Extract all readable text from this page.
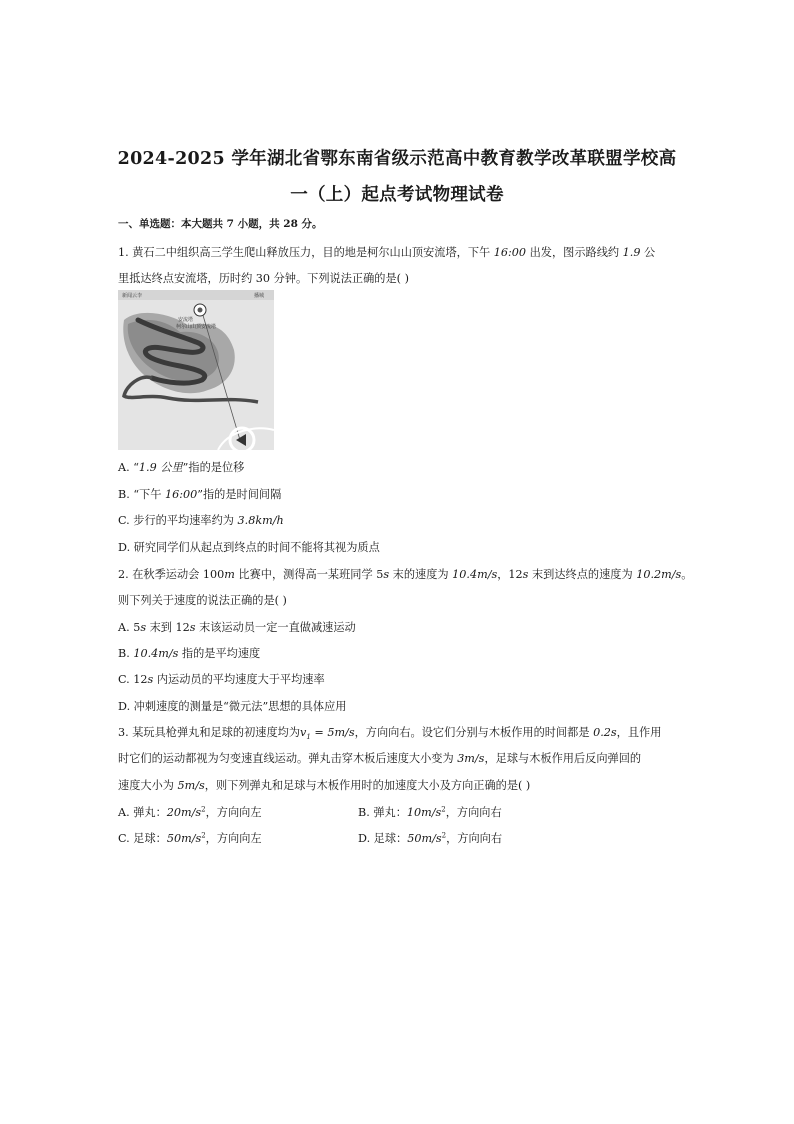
2024-2025 学年湖北省鄂东南省级示范高中教育教学改革联盟学校高
一（上）起点考试物理试卷
一、单选题：本大题共 7 小题，共 28 分。
1. 黄石二中组织高三学生爬山释放压力，目的地是柯尔山山顶安流塔，下午 16:00 出发，图示路线约 1.9 公
里抵达终点安流塔，历时约 30 分钟。下列说法正确的是( )
新闻云李	播城
安流塔
柯尔山山顶安流塔
A. “1.9 公里”指的是位移
B. “下午 16:00”指的是时间间隔
C. 步行的平均速率约为 3.8km/h
D. 研究同学们从起点到终点的时间不能将其视为质点
2. 在秋季运动会 100m 比赛中，测得高一某班同学 5s 末的速度为 10.4m/s，12s 末到达终点的速度为 10.2m/s。
则下列关于速度的说法正确的是( )
A. 5s 末到 12s 末该运动员一定一直做减速运动
B. 10.4m/s 指的是平均速度
C. 12s 内运动员的平均速度大于平均速率
D. 冲刺速度的测量是“微元法”思想的具体应用
3. 某玩具枪弹丸和足球的初速度均为$v_1 = 5m/s$，方向向右。设它们分别与木板作用的时间都是 0.2s，且作用
时它们的运动都视为匀变速直线运动。弹丸击穿木板后速度大小变为 3m/s，足球与木板作用后反向弹回的
速度大小为 5m/s，则下列弹丸和足球与木板作用时的加速度大小及方向正确的是( )
A. 弹丸：$20m/s^2$，方向向左	B. 弹丸：$10m/s^2$，方向向右
C. 足球：$50m/s^2$，方向向左	D. 足球：$50m/s^2$，方向向右
